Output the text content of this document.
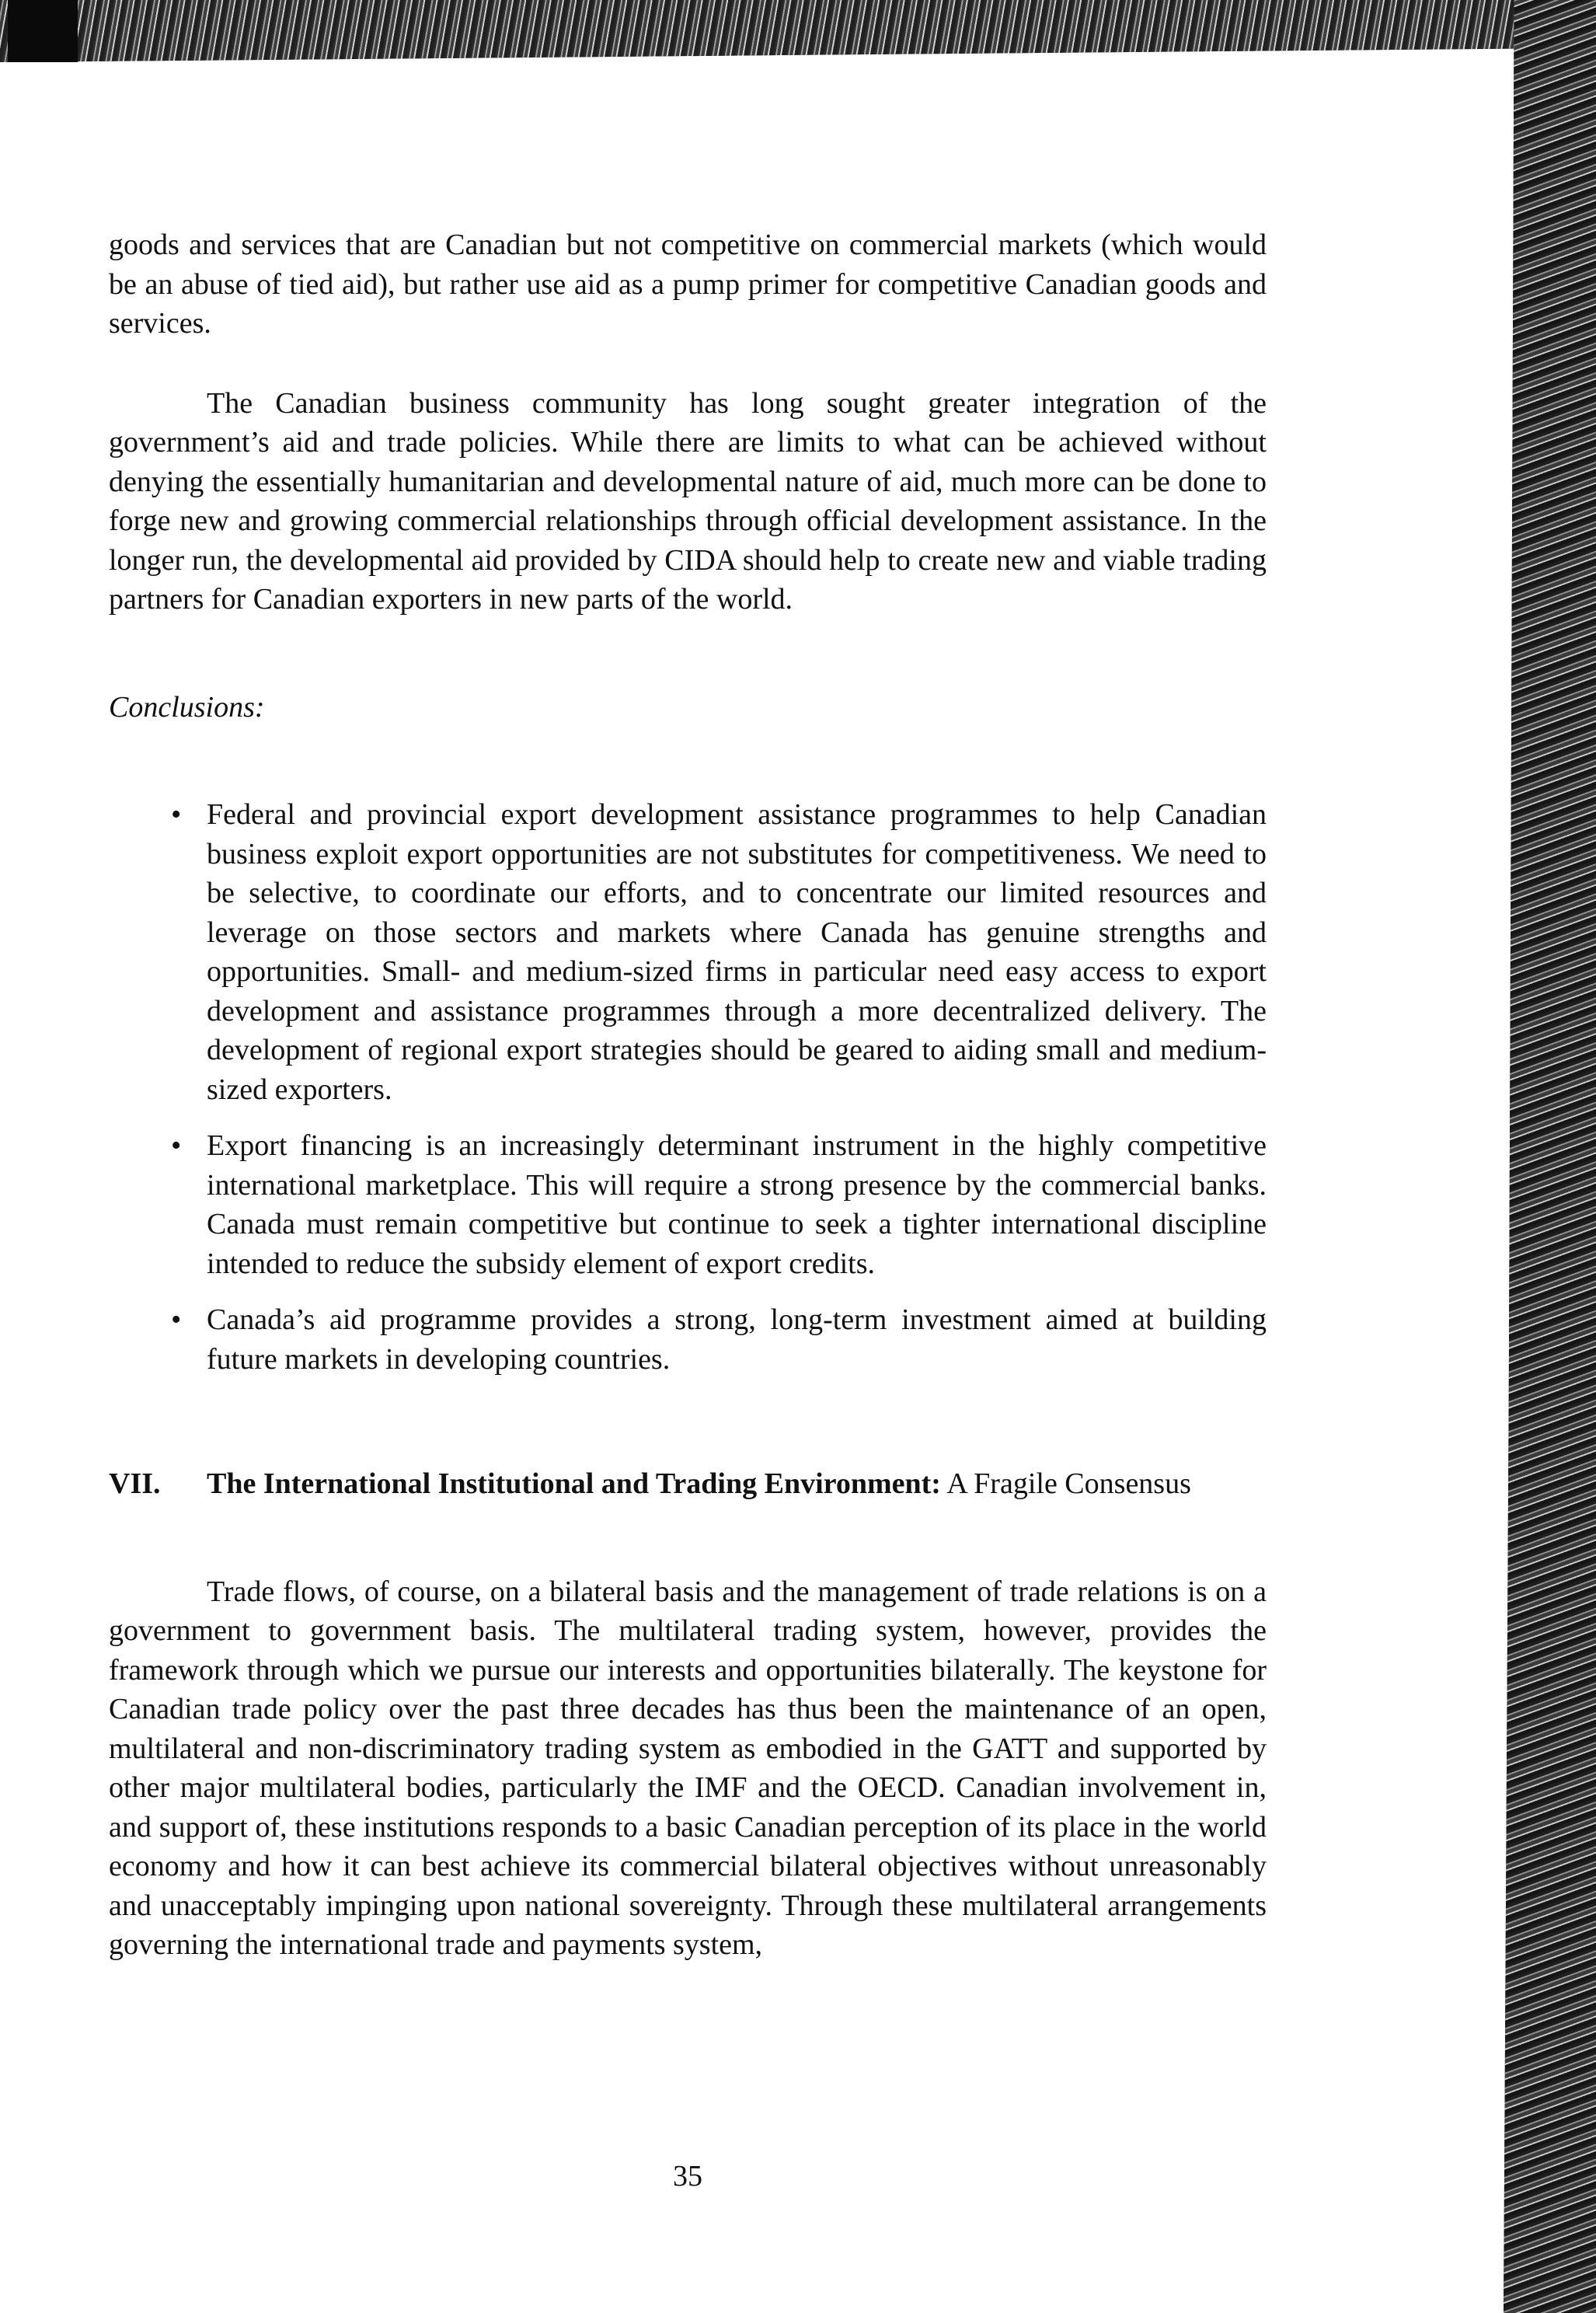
goods and services that are Canadian but not competitive on commercial markets (which would be an abuse of tied aid), but rather use aid as a pump primer for competitive Canadian goods and services.

The Canadian business community has long sought greater integration of the government’s aid and trade policies. While there are limits to what can be achieved without denying the essentially humanitarian and developmental nature of aid, much more can be done to forge new and growing commercial relationships through official development assistance. In the longer run, the developmental aid provided by CIDA should help to create new and viable trading partners for Canadian exporters in new parts of the world.

Conclusions:

• Federal and provincial export development assistance programmes to help Canadian business exploit export opportunities are not substitutes for competitiveness. We need to be selective, to coordinate our efforts, and to concentrate our limited resources and leverage on those sectors and markets where Canada has genuine strengths and opportunities. Small- and medium-sized firms in particular need easy access to export development and assistance programmes through a more decentralized delivery. The development of regional export strategies should be geared to aiding small and medium-sized exporters.
• Export financing is an increasingly determinant instrument in the highly competitive international marketplace. This will require a strong presence by the commercial banks. Canada must remain competitive but continue to seek a tighter international discipline intended to reduce the subsidy element of export credits.
• Canada’s aid programme provides a strong, long-term investment aimed at building future markets in developing countries.

VII. The International Institutional and Trading Environment: A Fragile Consensus

Trade flows, of course, on a bilateral basis and the management of trade relations is on a government to government basis. The multilateral trading system, however, provides the framework through which we pursue our interests and opportunities bilaterally. The keystone for Canadian trade policy over the past three decades has thus been the maintenance of an open, multilateral and non-discriminatory trading system as embodied in the GATT and supported by other major multilateral bodies, particularly the IMF and the OECD. Canadian involvement in, and support of, these institutions responds to a basic Canadian perception of its place in the world economy and how it can best achieve its commercial bilateral objectives without unreasonably and unacceptably impinging upon national sovereignty. Through these multilateral arrangements governing the international trade and payments system,

35
